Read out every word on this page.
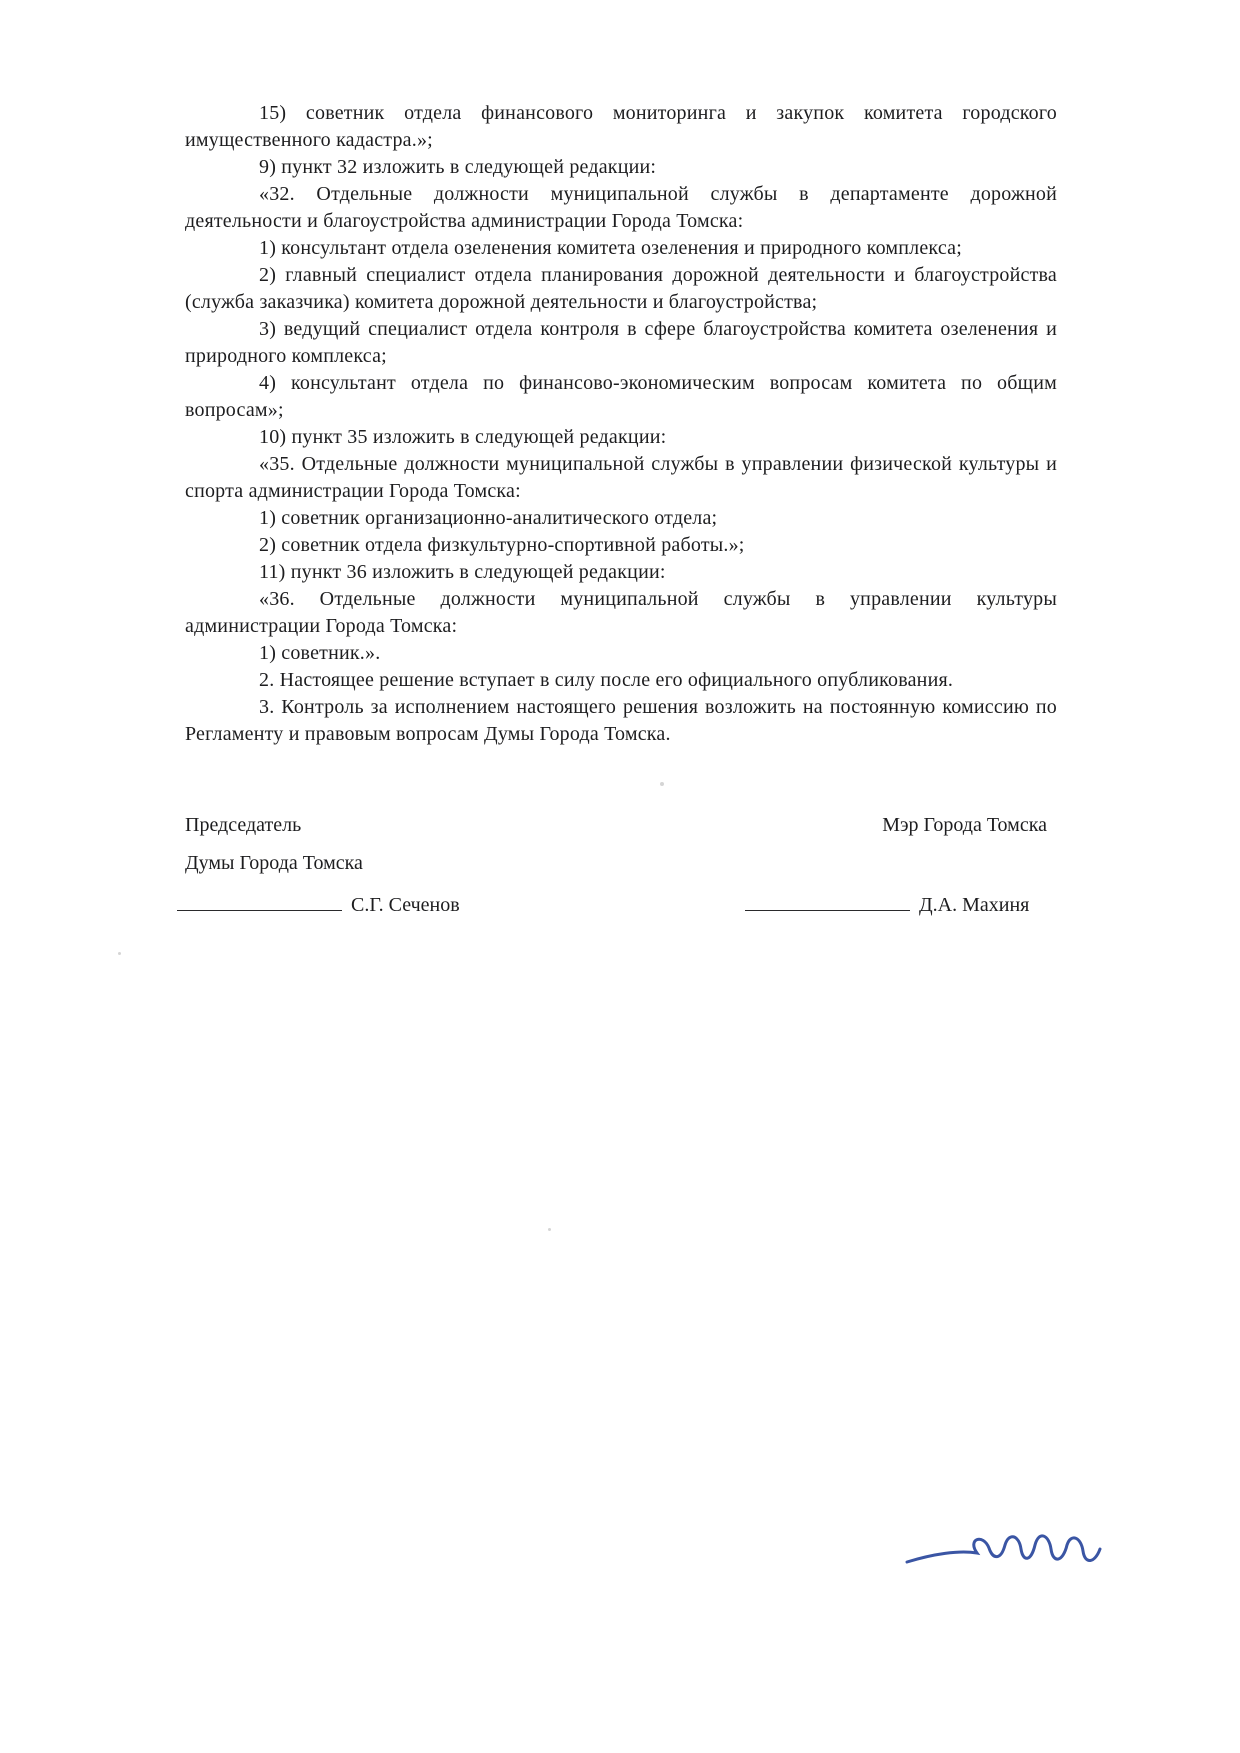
15) советник отдела финансового мониторинга и закупок комитета городского имущественного кадастра.»;

9) пункт 32 изложить в следующей редакции:

«32. Отдельные должности муниципальной службы в департаменте дорожной деятельности и благоустройства администрации Города Томска:

1) консультант отдела озеленения комитета озеленения и природного комплекса;

2) главный специалист отдела планирования дорожной деятельности и благоустройства (служба заказчика) комитета дорожной деятельности и благоустройства;

3) ведущий специалист отдела контроля в сфере благоустройства комитета озеленения и природного комплекса;

4) консультант отдела по финансово-экономическим вопросам комитета по общим вопросам»;

10) пункт 35 изложить в следующей редакции:

«35. Отдельные должности муниципальной службы в управлении физической культуры и спорта администрации Города Томска:

1) советник организационно-аналитического отдела;

2) советник отдела физкультурно-спортивной работы.»;

11) пункт 36 изложить в следующей редакции:

«36. Отдельные должности муниципальной службы в управлении культуры администрации Города Томска:

1) советник.».

2. Настоящее решение вступает в силу после его официального опубликования.

3. Контроль за исполнением настоящего решения возложить на постоянную комиссию по Регламенту и правовым вопросам Думы Города Томска.

Председатель
Думы Города Томска
С.Г. Сеченов
Мэр Города Томска
Д.А. Махиня
